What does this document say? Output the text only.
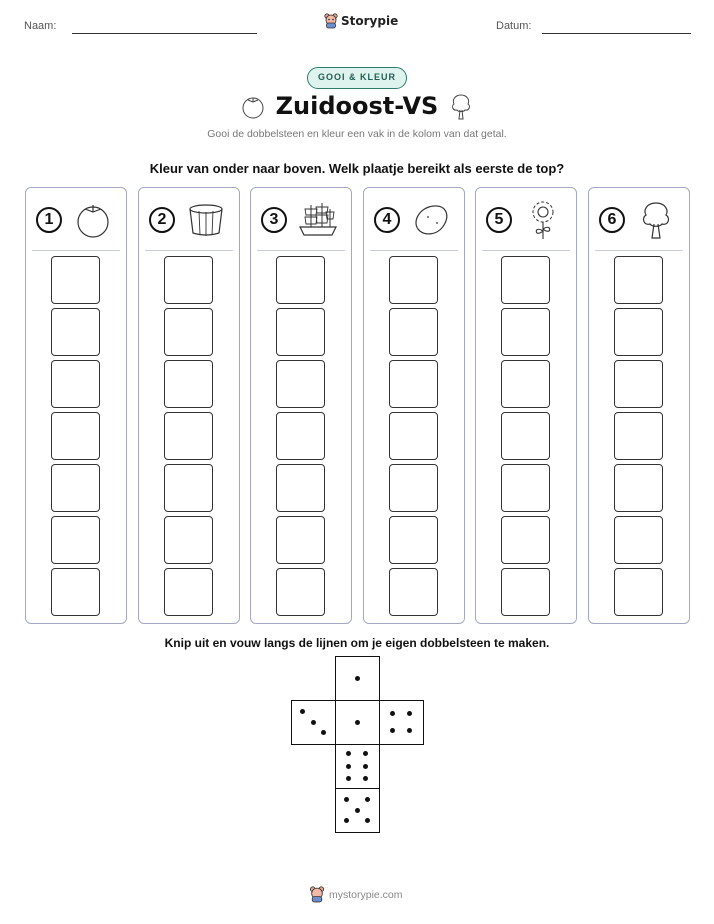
Naam:	Storypie	Datum:
GOOI & KLEUR
Zuidoost-VS
Gooi de dobbelsteen en kleur een vak in de kolom van dat getal.
Kleur van onder naar boven. Welk plaatje bereikt als eerste de top?
1	2	3	4	5	6
Knip uit en vouw langs de lijnen om je eigen dobbelsteen te maken.
mystorypie.com
